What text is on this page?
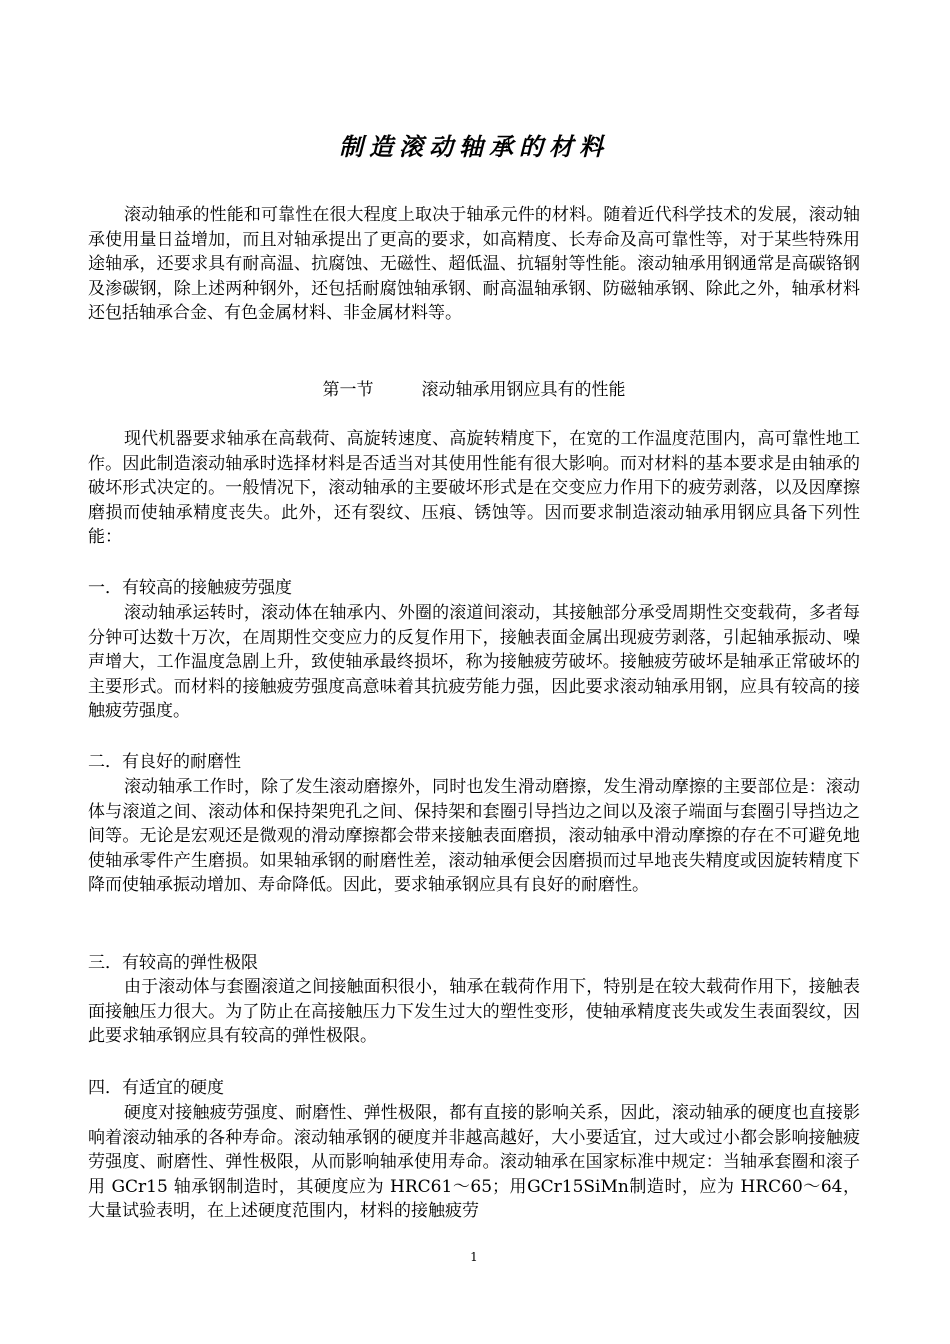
制造滚动轴承的材料

滚动轴承的性能和可靠性在很大程度上取决于轴承元件的材料。随着近代科学技术的发展，滚动轴承使用量日益增加，而且对轴承提出了更高的要求，如高精度、长寿命及高可靠性等，对于某些特殊用途轴承，还要求具有耐高温、抗腐蚀、无磁性、超低温、抗辐射等性能。滚动轴承用钢通常是高碳铬钢及渗碳钢，除上述两种钢外，还包括耐腐蚀轴承钢、耐高温轴承钢、防磁轴承钢、除此之外，轴承材料还包括轴承合金、有色金属材料、非金属材料等。

第一节	滚动轴承用钢应具有的性能

现代机器要求轴承在高载荷、高旋转速度、高旋转精度下，在宽的工作温度范围内，高可靠性地工作。因此制造滚动轴承时选择材料是否适当对其使用性能有很大影响。而对材料的基本要求是由轴承的破坏形式决定的。一般情况下，滚动轴承的主要破坏形式是在交变应力作用下的疲劳剥落，以及因摩擦磨损而使轴承精度丧失。此外，还有裂纹、压痕、锈蚀等。因而要求制造滚动轴承用钢应具备下列性能：

一．有较高的接触疲劳强度

滚动轴承运转时，滚动体在轴承内、外圈的滚道间滚动，其接触部分承受周期性交变载荷，多者每分钟可达数十万次，在周期性交变应力的反复作用下，接触表面金属出现疲劳剥落，引起轴承振动、噪声增大，工作温度急剧上升，致使轴承最终损坏，称为接触疲劳破坏。接触疲劳破坏是轴承正常破坏的主要形式。而材料的接触疲劳强度高意味着其抗疲劳能力强，因此要求滚动轴承用钢，应具有较高的接触疲劳强度。

二．有良好的耐磨性

滚动轴承工作时，除了发生滚动磨擦外，同时也发生滑动磨擦，发生滑动摩擦的主要部位是：滚动体与滚道之间、滚动体和保持架兜孔之间、保持架和套圈引导挡边之间以及滚子端面与套圈引导挡边之间等。无论是宏观还是微观的滑动摩擦都会带来接触表面磨损，滚动轴承中滑动摩擦的存在不可避免地使轴承零件产生磨损。如果轴承钢的耐磨性差，滚动轴承便会因磨损而过早地丧失精度或因旋转精度下降而使轴承振动增加、寿命降低。因此，要求轴承钢应具有良好的耐磨性。

三．有较高的弹性极限

由于滚动体与套圈滚道之间接触面积很小，轴承在载荷作用下，特别是在较大载荷作用下，接触表面接触压力很大。为了防止在高接触压力下发生过大的塑性变形，使轴承精度丧失或发生表面裂纹，因此要求轴承钢应具有较高的弹性极限。

四．有适宜的硬度

硬度对接触疲劳强度、耐磨性、弹性极限，都有直接的影响关系，因此，滚动轴承的硬度也直接影响着滚动轴承的各种寿命。滚动轴承钢的硬度并非越高越好，大小要适宜，过大或过小都会影响接触疲劳强度、耐磨性、弹性极限，从而影响轴承使用寿命。滚动轴承在国家标准中规定：当轴承套圈和滚子用 GCr15 轴承钢制造时，其硬度应为 HRC61～65；用GCr15SiMn制造时，应为 HRC60～64，大量试验表明，在上述硬度范围内，材料的接触疲劳

1
